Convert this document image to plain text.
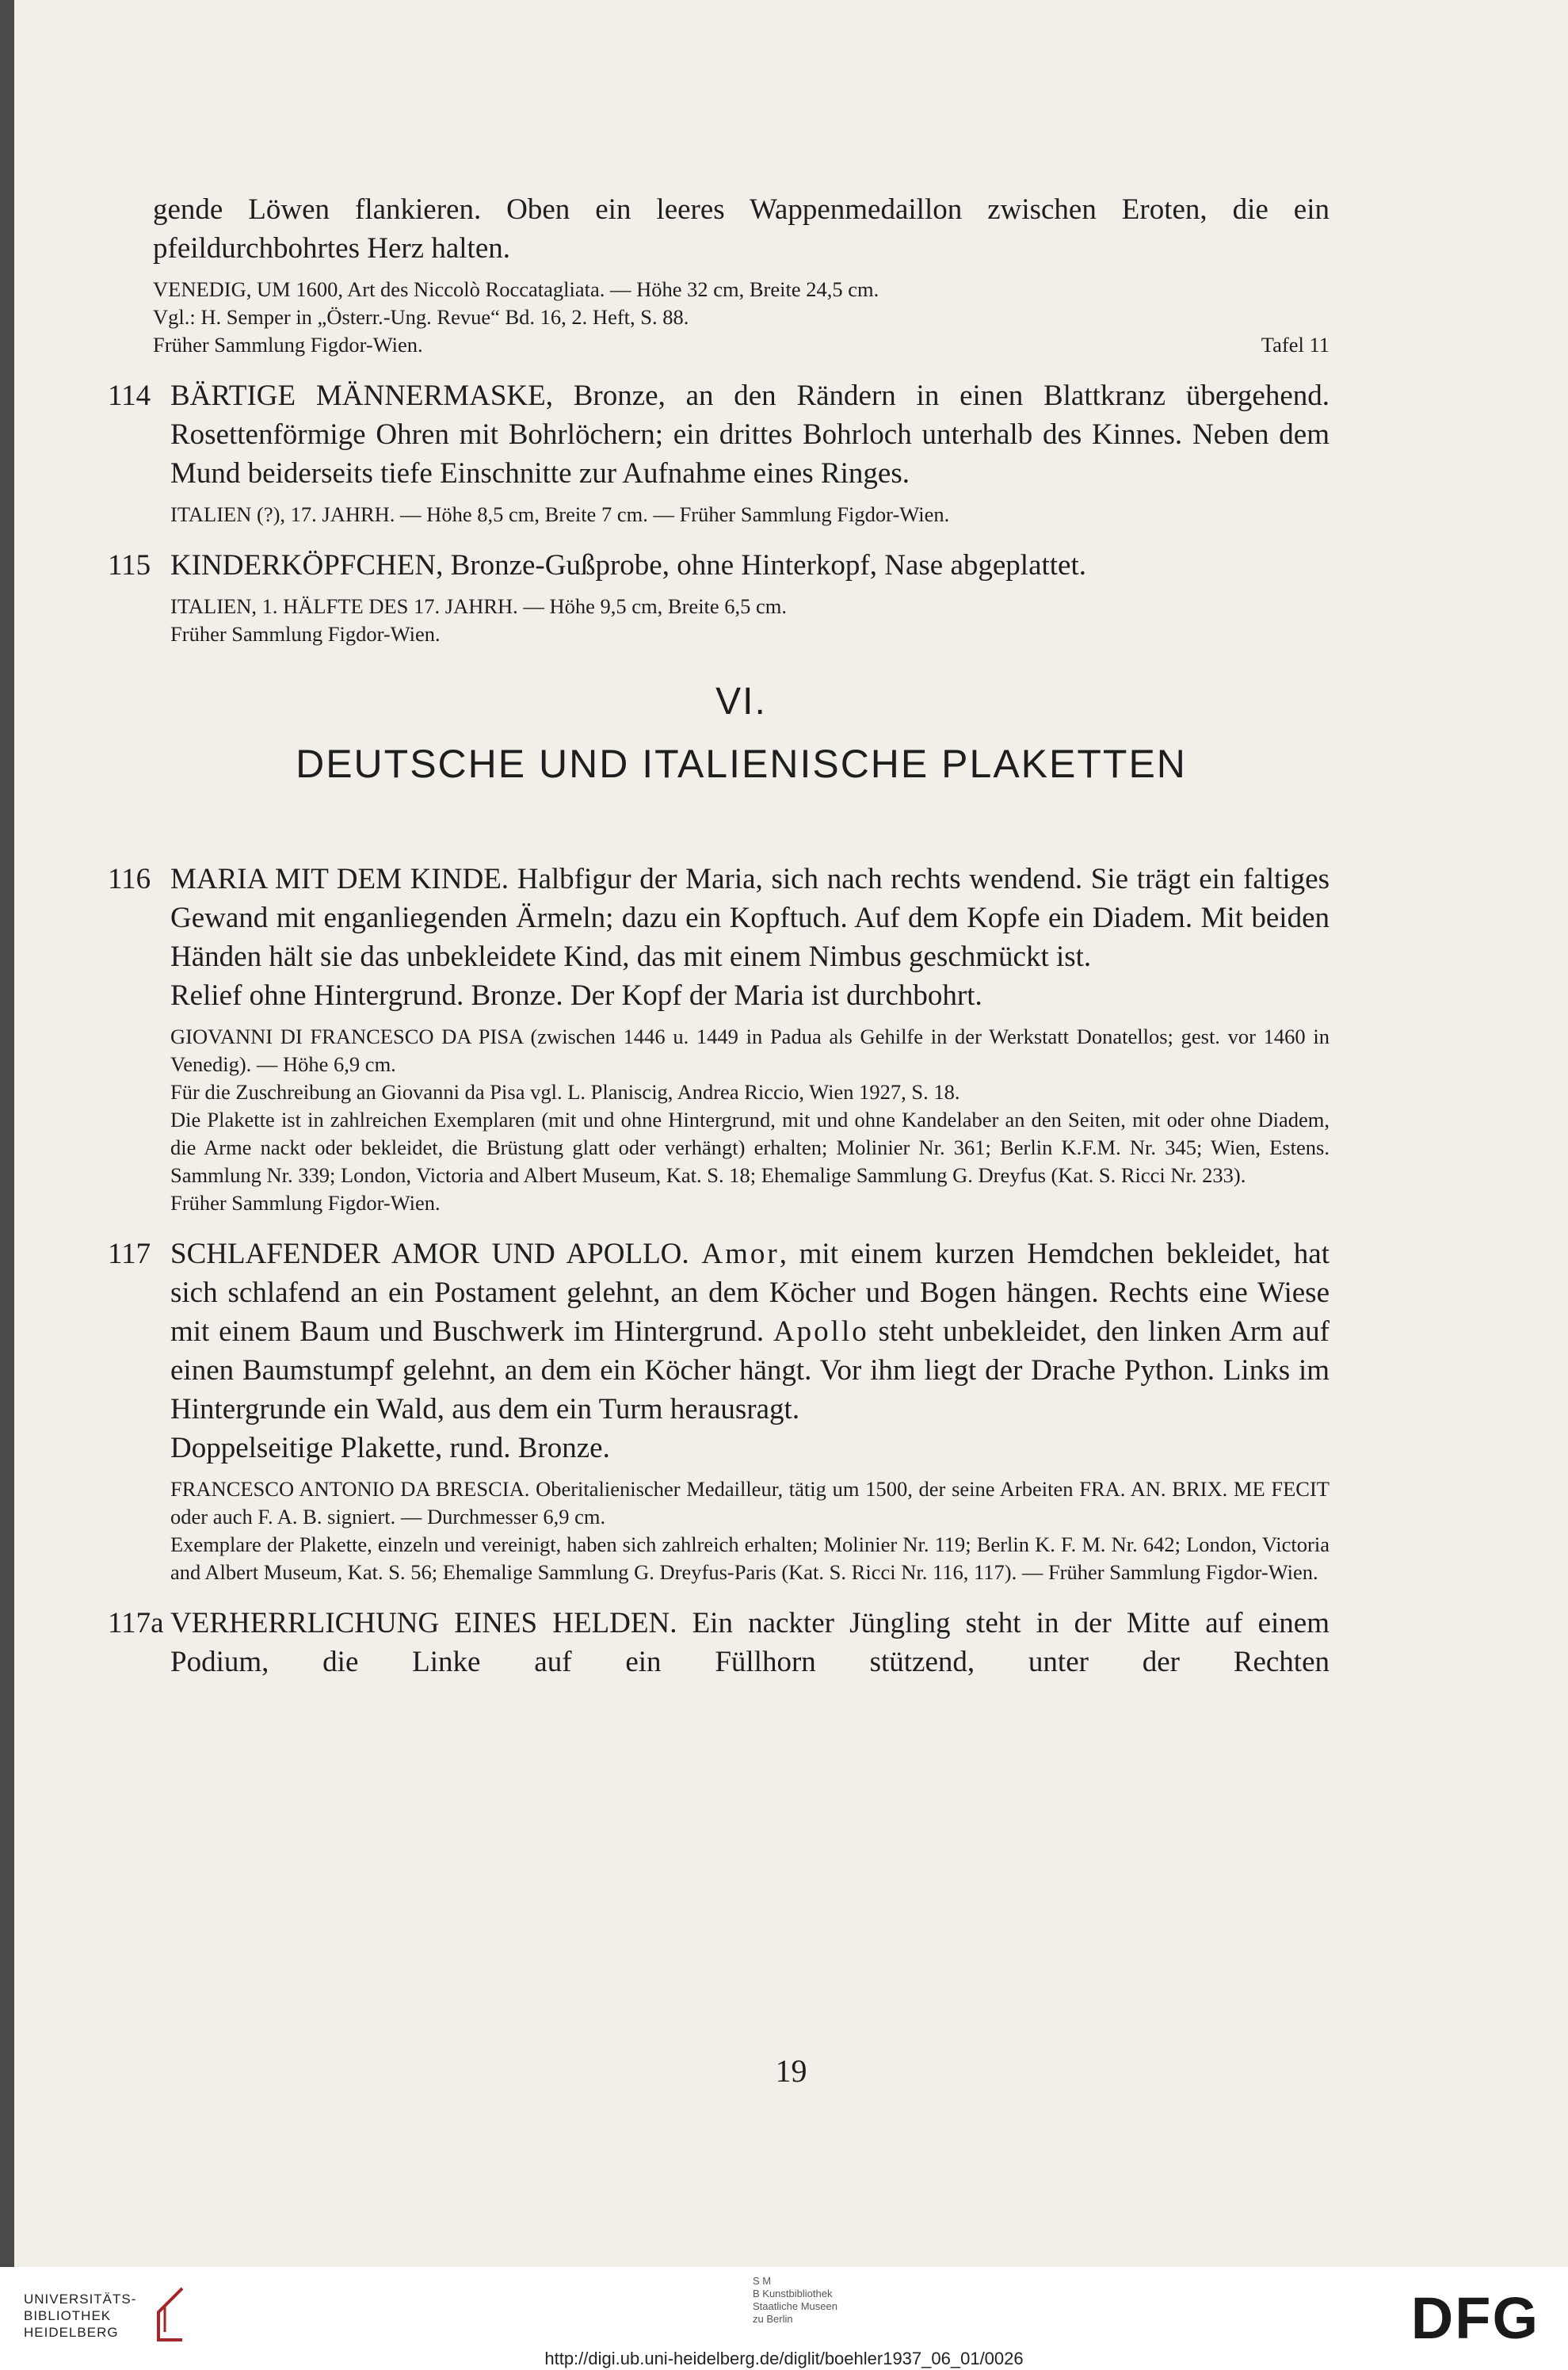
gende Löwen flankieren. Oben ein leeres Wappenmedaillon zwischen Eroten, die ein pfeildurchbohrtes Herz halten.

VENEDIG, UM 1600, Art des Niccolò Roccatagliata. — Höhe 32 cm, Breite 24,5 cm.

Vgl.: H. Semper in „Österr.-Ung. Revue“ Bd. 16, 2. Heft, S. 88.

Früher Sammlung Figdor-Wien.	Tafel 11
114 BÄRTIGE MÄNNERMASKE, Bronze, an den Rändern in einen Blattkranz übergehend. Rosettenförmige Ohren mit Bohrlöchern; ein drittes Bohrloch unterhalb des Kinnes. Neben dem Mund beiderseits tiefe Einschnitte zur Aufnahme eines Ringes.

ITALIEN (?), 17. JAHRH. — Höhe 8,5 cm, Breite 7 cm. — Früher Sammlung Figdor-Wien.

115 KINDERKÖPFCHEN, Bronze-Gußprobe, ohne Hinterkopf, Nase abgeplattet.

ITALIEN, 1. HÄLFTE DES 17. JAHRH. — Höhe 9,5 cm, Breite 6,5 cm.

Früher Sammlung Figdor-Wien.

VI.
DEUTSCHE UND ITALIENISCHE PLAKETTEN
116 MARIA MIT DEM KINDE. Halbfigur der Maria, sich nach rechts wendend. Sie trägt ein faltiges Gewand mit enganliegenden Ärmeln; dazu ein Kopftuch. Auf dem Kopfe ein Diadem. Mit beiden Händen hält sie das unbekleidete Kind, das mit einem Nimbus geschmückt ist.

Relief ohne Hintergrund. Bronze. Der Kopf der Maria ist durchbohrt.

GIOVANNI DI FRANCESCO DA PISA (zwischen 1446 u. 1449 in Padua als Gehilfe in der Werkstatt Donatellos; gest. vor 1460 in Venedig). — Höhe 6,9 cm.

Für die Zuschreibung an Giovanni da Pisa vgl. L. Planiscig, Andrea Riccio, Wien 1927, S. 18.

Die Plakette ist in zahlreichen Exemplaren (mit und ohne Hintergrund, mit und ohne Kandelaber an den Seiten, mit oder ohne Diadem, die Arme nackt oder bekleidet, die Brüstung glatt oder verhängt) erhalten; Molinier Nr. 361; Berlin K.F.M. Nr. 345; Wien, Estens. Sammlung Nr. 339; London, Victoria and Albert Museum, Kat. S. 18; Ehemalige Sammlung G. Dreyfus (Kat. S. Ricci Nr. 233).

Früher Sammlung Figdor-Wien.

117 SCHLAFENDER AMOR UND APOLLO. Amor, mit einem kurzen Hemdchen bekleidet, hat sich schlafend an ein Postament gelehnt, an dem Köcher und Bogen hängen. Rechts eine Wiese mit einem Baum und Buschwerk im Hintergrund. Apollo steht unbekleidet, den linken Arm auf einen Baumstumpf gelehnt, an dem ein Köcher hängt. Vor ihm liegt der Drache Python. Links im Hintergrunde ein Wald, aus dem ein Turm herausragt.

Doppelseitige Plakette, rund. Bronze.

FRANCESCO ANTONIO DA BRESCIA. Oberitalienischer Medailleur, tätig um 1500, der seine Arbeiten FRA. AN. BRIX. ME FECIT oder auch F. A. B. signiert. — Durchmesser 6,9 cm.

Exemplare der Plakette, einzeln und vereinigt, haben sich zahlreich erhalten; Molinier Nr. 119; Berlin K. F. M. Nr. 642; London, Victoria and Albert Museum, Kat. S. 56; Ehemalige Sammlung G. Dreyfus-Paris (Kat. S. Ricci Nr. 116, 117). — Früher Sammlung Figdor-Wien.

117a VERHERRLICHUNG EINES HELDEN. Ein nackter Jüngling steht in der Mitte auf einem Podium, die Linke auf ein Füllhorn stützend, unter der Rechten

19
UNIVERSITÄTS-
BIBLIOTHEK
HEIDELBERG
S M
B Kunstbibliothek
Staatliche Museen
zu Berlin	DFG
http://digi.ub.uni-heidelberg.de/diglit/boehler1937_06_01/0026
